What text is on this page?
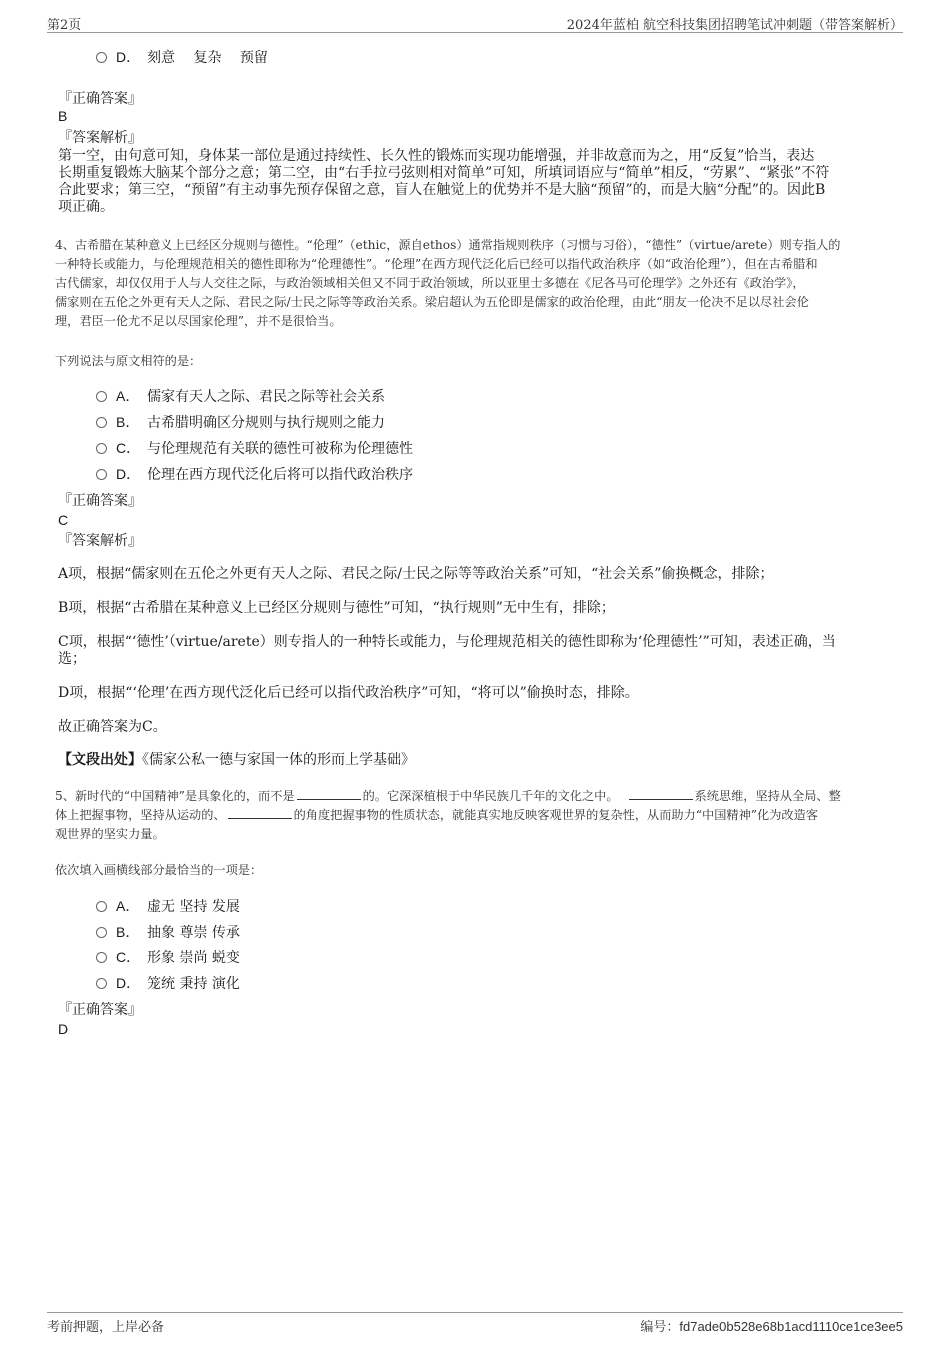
第2页	2024年蓝柏 航空科技集团招聘笔试冲刺题（带答案解析）
D． 刻意　 复杂　 预留
『正确答案』
B
『答案解析』
第一空，由句意可知，身体某一部位是通过持续性、长久性的锻炼而实现功能增强，并非故意而为之，用“反复”恰当，表达
长期重复锻炼大脑某个部分之意；第二空，由“右手拉弓弦则相对简单”可知，所填词语应与“简单”相反，“劳累”、“紧张”不符
合此要求；第三空，“预留”有主动事先预存保留之意，盲人在触觉上的优势并不是大脑“预留”的，而是大脑“分配”的。因此B
项正确。
4、古希腊在某种意义上已经区分规则与德性。“伦理”（ethic，源自ethos）通常指规则秩序（习惯与习俗），“德性”（virtue/arete）则专指人的
一种特长或能力，与伦理规范相关的德性即称为“伦理德性”。“伦理”在西方现代泛化后已经可以指代政治秩序（如“政治伦理”），但在古希腊和
古代儒家，却仅仅用于人与人交往之际，与政治领域相关但又不同于政治领域，所以亚里士多德在《尼各马可伦理学》之外还有《政治学》，
儒家则在五伦之外更有天人之际、君民之际/士民之际等等政治关系。梁启超认为五伦即是儒家的政治伦理，由此“朋友一伦决不足以尽社会伦
理，君臣一伦尤不足以尽国家伦理”，并不是很恰当。
下列说法与原文相符的是：
A． 儒家有天人之际、君民之际等社会关系
B． 古希腊明确区分规则与执行规则之能力
C． 与伦理规范有关联的德性可被称为伦理德性
D． 伦理在西方现代泛化后将可以指代政治秩序
『正确答案』
C
『答案解析』
A项，根据“儒家则在五伦之外更有天人之际、君民之际/士民之际等等政治关系”可知，“社会关系”偷换概念，排除；
B项，根据“古希腊在某种意义上已经区分规则与德性”可知，“执行规则”无中生有，排除；
C项，根据“‘德性’（virtue/arete）则专指人的一种特长或能力，与伦理规范相关的德性即称为‘伦理德性’”可知，表述正确，当
选；
D项，根据“‘伦理’在西方现代泛化后已经可以指代政治秩序”可知，“将可以”偷换时态，排除。
故正确答案为C。
【文段出处】《儒家公私一德与家国一体的形而上学基础》
5、新时代的“中国精神”是具象化的，而不是	的。它深深植根于中华民族几千年的文化之中。	系统思维，坚持从全局、整
体上把握事物，坚持从运动的、	的角度把握事物的性质状态，就能真实地反映客观世界的复杂性，从而助力“中国精神”化为改造客
观世界的坚实力量。
依次填入画横线部分最恰当的一项是：
A． 虚无 坚持 发展
B． 抽象 尊崇 传承
C． 形象 崇尚 蜕变
D． 笼统 秉持 演化
『正确答案』
D
考前押题，上岸必备	编号：fd7ade0b528e68b1acd1110ce1ce3ee5
